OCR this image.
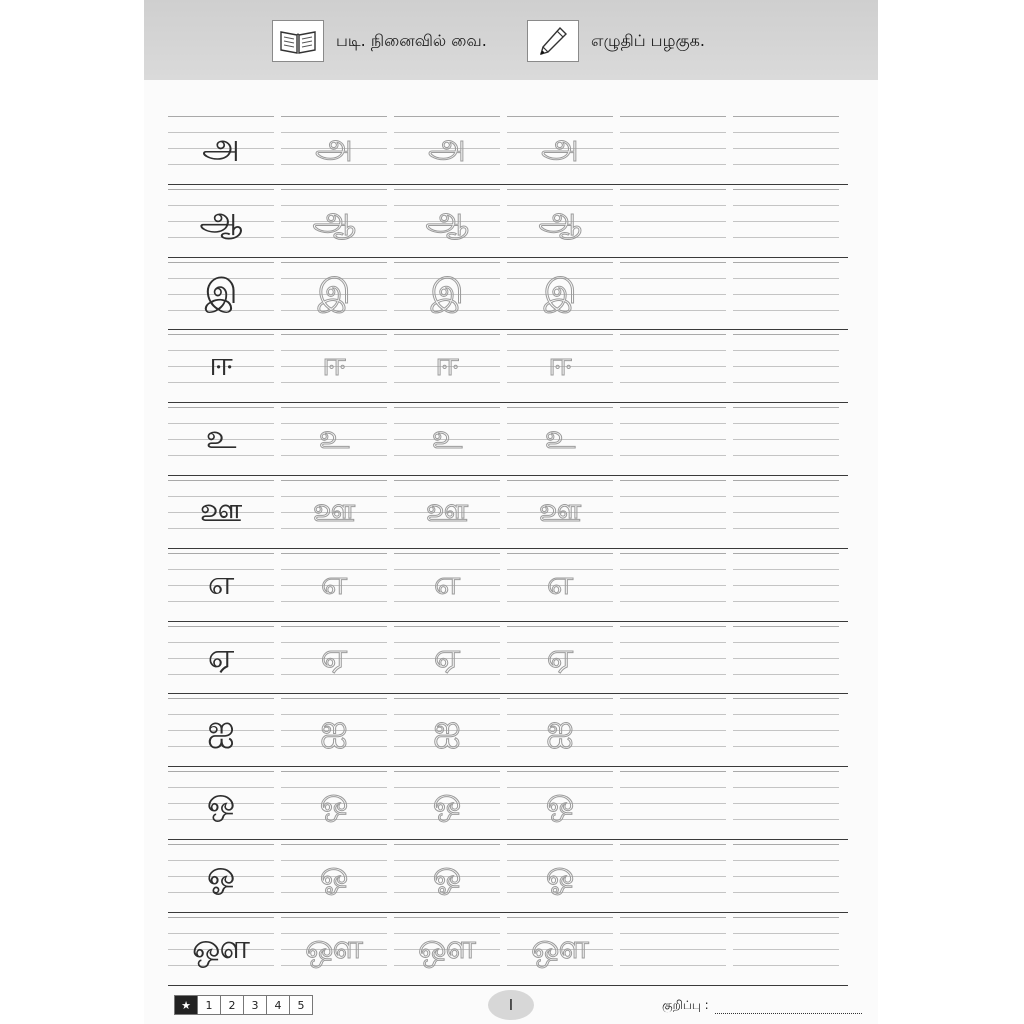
படி. நினைவில் வை.	எழுதிப் பழகுக.
அ	அ	அ	அ
ஆ	ஆ	ஆ	ஆ
இ	இ	இ	இ
ஈ	ஈ	ஈ	ஈ
உ	உ	உ	உ
ஊ	ஊ	ஊ	ஊ
எ	எ	எ	எ
ஏ	ஏ	ஏ	ஏ
ஐ	ஐ	ஐ	ஐ
ஒ	ஒ	ஒ	ஒ
ஓ	ஓ	ஓ	ஓ
ஔ	ஔ	ஔ	ஔ
★	1	2	3	4	5	I	குறிப்பு :
